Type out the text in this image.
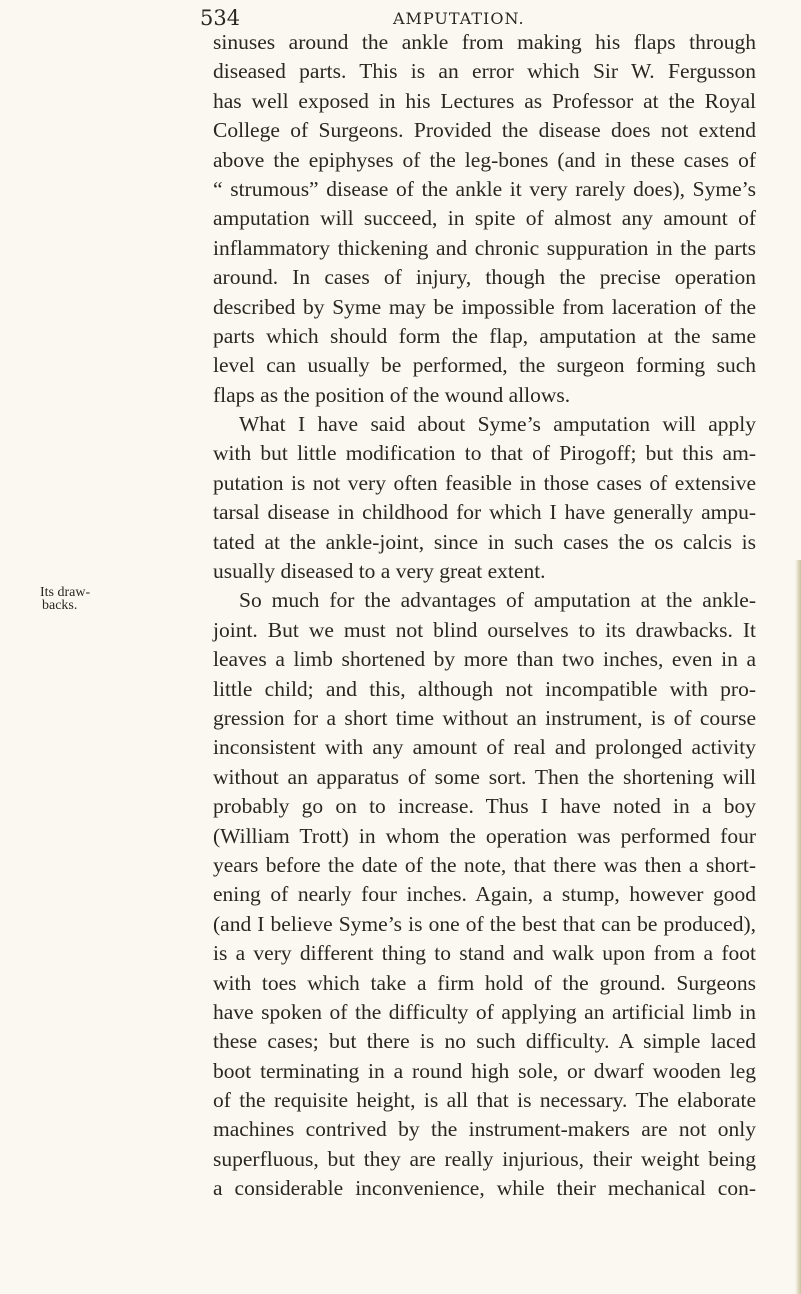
534	AMPUTATION.
Its draw-
backs.
sinuses around the ankle from making his flaps through
diseased parts. This is an error which Sir W. Fergusson
has well exposed in his Lectures as Professor at the Royal
College of Surgeons. Provided the disease does not extend
above the epiphyses of the leg-bones (and in these cases of
“ strumous” disease of the ankle it very rarely does), Syme’s
amputation will succeed, in spite of almost any amount of
inflammatory thickening and chronic suppuration in the parts
around. In cases of injury, though the precise operation
described by Syme may be impossible from laceration of the
parts which should form the flap, amputation at the same
level can usually be performed, the surgeon forming such
flaps as the position of the wound allows.
What I have said about Syme’s amputation will apply
with but little modification to that of Pirogoff; but this am-
putation is not very often feasible in those cases of extensive
tarsal disease in childhood for which I have generally ampu-
tated at the ankle-joint, since in such cases the os calcis is
usually diseased to a very great extent.
So much for the advantages of amputation at the ankle-
joint. But we must not blind ourselves to its drawbacks. It
leaves a limb shortened by more than two inches, even in a
little child; and this, although not incompatible with pro-
gression for a short time without an instrument, is of course
inconsistent with any amount of real and prolonged activity
without an apparatus of some sort. Then the shortening will
probably go on to increase. Thus I have noted in a boy
(William Trott) in whom the operation was performed four
years before the date of the note, that there was then a short-
ening of nearly four inches. Again, a stump, however good
(and I believe Syme’s is one of the best that can be produced),
is a very different thing to stand and walk upon from a foot
with toes which take a firm hold of the ground. Surgeons
have spoken of the difficulty of applying an artificial limb in
these cases; but there is no such difficulty. A simple laced
boot terminating in a round high sole, or dwarf wooden leg
of the requisite height, is all that is necessary. The elaborate
machines contrived by the instrument-makers are not only
superfluous, but they are really injurious, their weight being
a considerable inconvenience, while their mechanical con-
